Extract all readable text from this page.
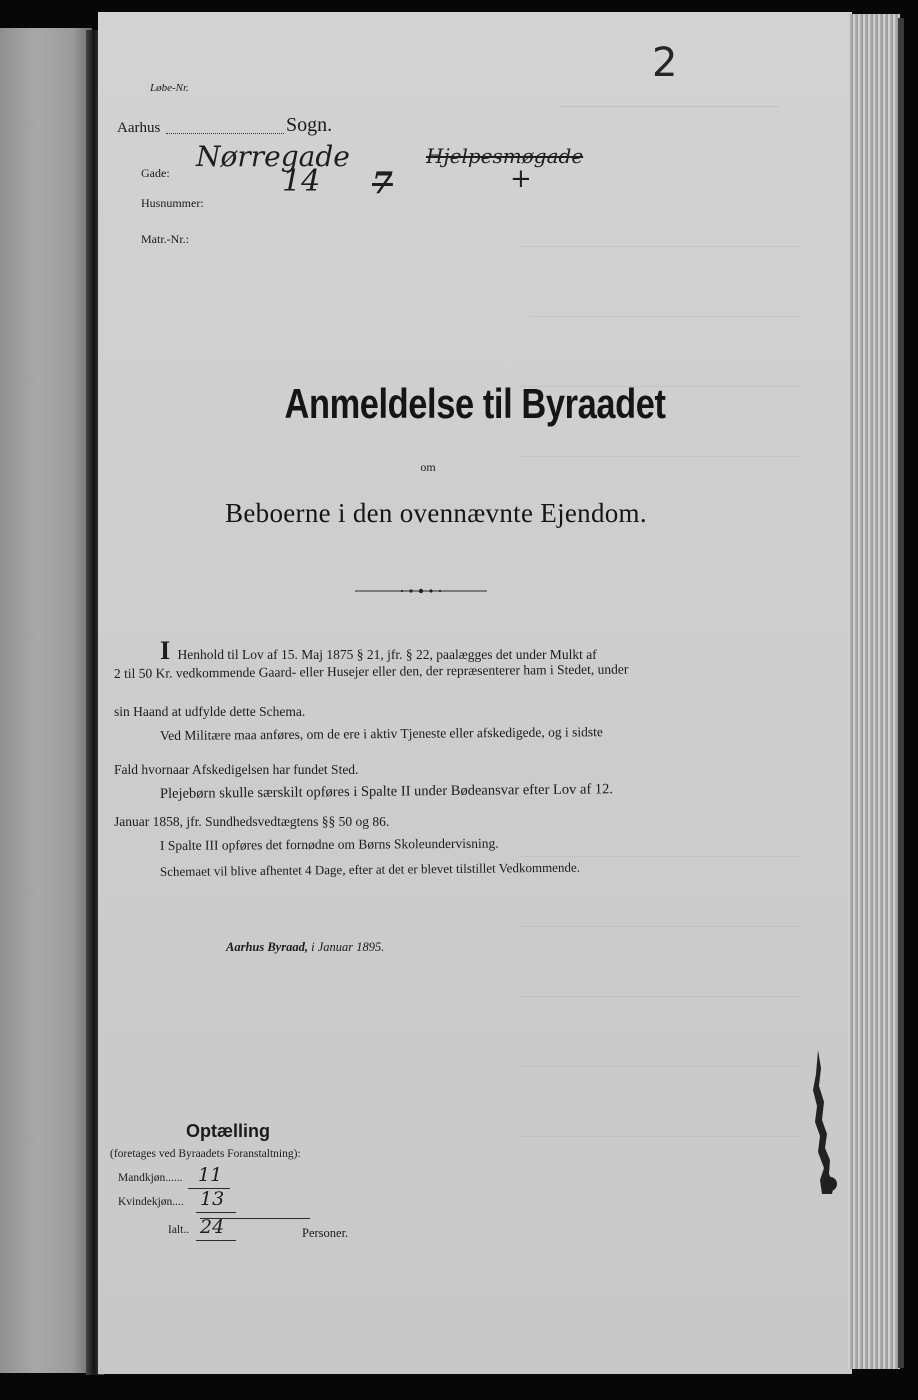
Løbe-Nr.
2
Aarhus	Sogn.
Gade: Nørregade	Hjelpesmøgade
Husnummer:
14 7	+
Matr.-Nr.:
Anmeldelse til Byraadet
om
Beboerne i den ovennævnte Ejendom.
I Henhold til Lov af 15. Maj 1875 § 21, jfr. § 22, paalægges det under Mulkt af
2 til 50 Kr. vedkommende Gaard- eller Husejer eller den, der repræsenterer ham i Stedet, under
sin Haand at udfylde dette Schema.
Ved Militære maa anføres, om de ere i aktiv Tjeneste eller afskedigede, og i sidste
Fald hvornaar Afskedigelsen har fundet Sted.
Plejebørn skulle særskilt opføres i Spalte II under Bødeansvar efter Lov af 12.
Januar 1858, jfr. Sundhedsvedtægtens §§ 50 og 86.
I Spalte III opføres det fornødne om Børns Skoleundervisning.
Schemaet vil blive afhentet 4 Dage, efter at det er blevet tilstillet Vedkommende.
Aarhus Byraad, i Januar 1895.
Optælling
(foretages ved Byraadets Foranstaltning):
Mandkjøn...... 11
Kvindekjøn.... 13
Ialt.. 24	Personer.
